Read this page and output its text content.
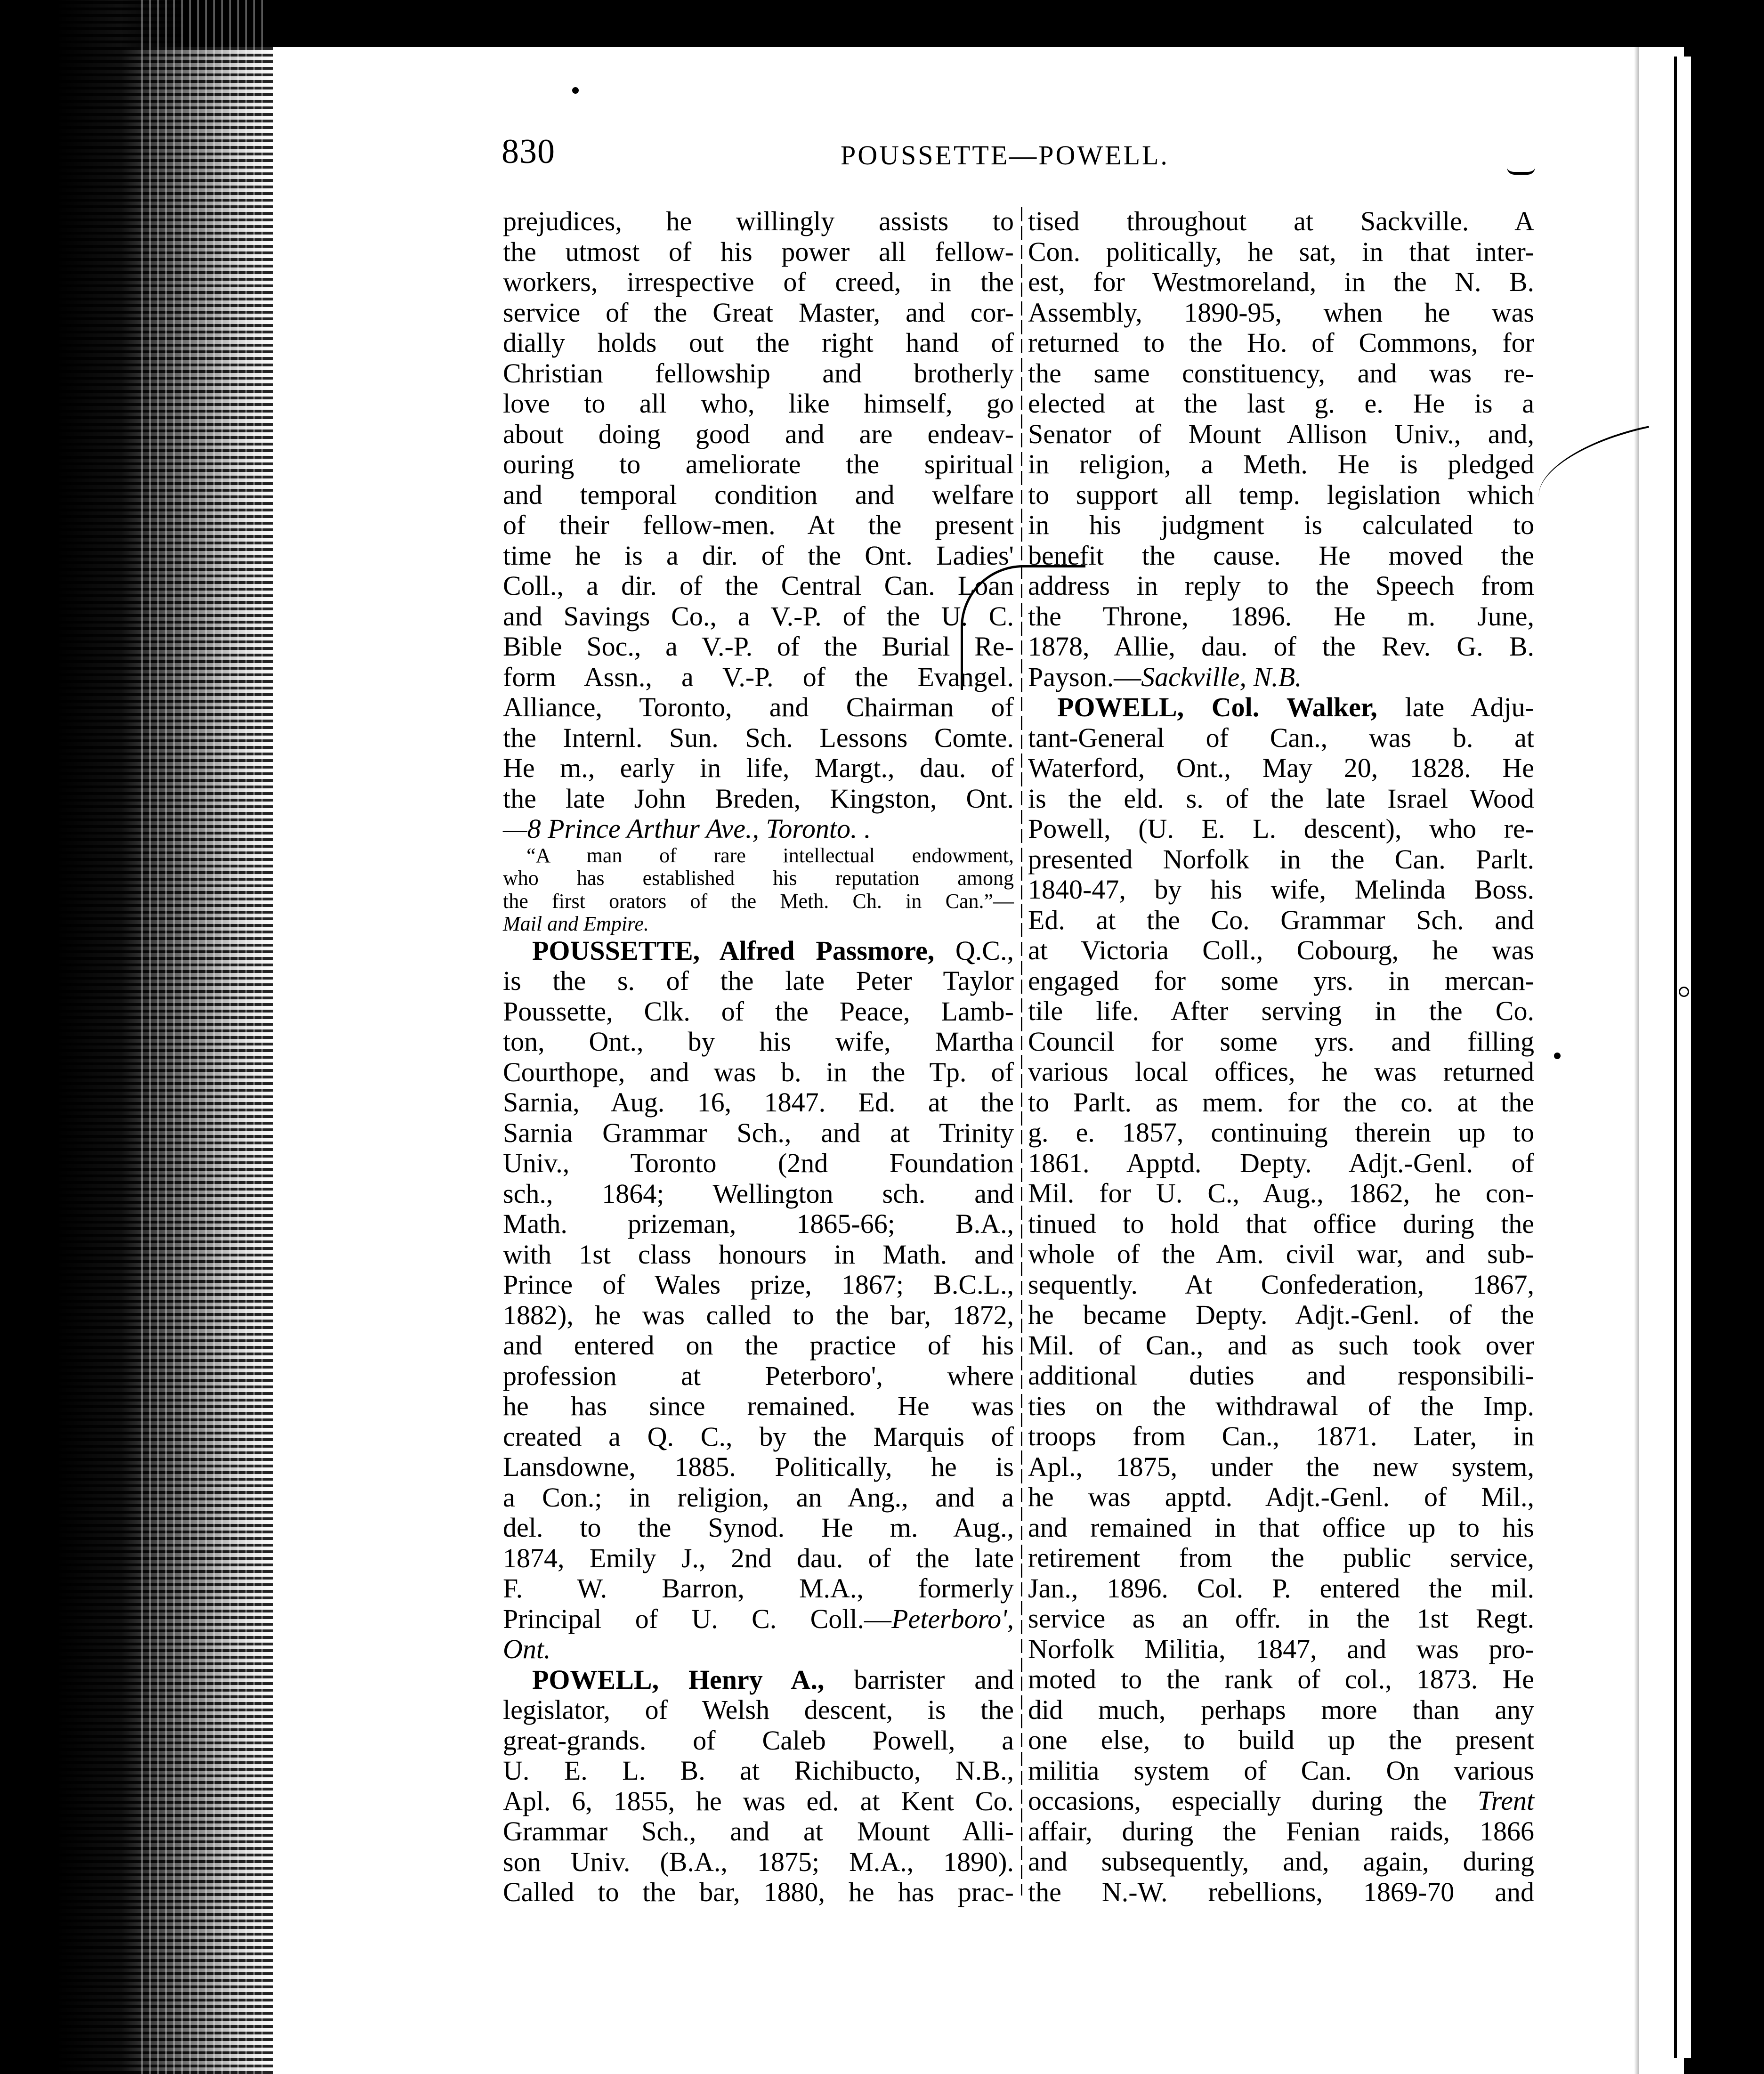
830	POUSSETTE—POWELL.
prejudices, he willingly assists to
the utmost of his power all fellow-
workers, irrespective of creed, in the
service of the Great Master, and cor-
dially holds out the right hand of
Christian fellowship and brotherly
love to all who, like himself, go
about doing good and are endeav-
ouring to ameliorate the spiritual
and temporal condition and welfare
of their fellow-men. At the present
time he is a dir. of the Ont. Ladies'
Coll., a dir. of the Central Can. Loan
and Savings Co., a V.-P. of the U. C.
Bible Soc., a V.-P. of the Burial Re-
form Assn., a V.-P. of the Evangel.
Alliance, Toronto, and Chairman of
the Internl. Sun. Sch. Lessons Comte.
He m., early in life, Margt., dau. of
the late John Breden, Kingston, Ont.
—8 Prince Arthur Ave., Toronto. .
“A man of rare intellectual endowment,
who has established his reputation among
the first orators of the Meth. Ch. in Can.”—
Mail and Empire.
POUSSETTE, Alfred Passmore, Q.C.,
is the s. of the late Peter Taylor
Poussette, Clk. of the Peace, Lamb-
ton, Ont., by his wife, Martha
Courthope, and was b. in the Tp. of
Sarnia, Aug. 16, 1847. Ed. at the
Sarnia Grammar Sch., and at Trinity
Univ., Toronto (2nd Foundation
sch., 1864; Wellington sch. and
Math. prizeman, 1865-66; B.A.,
with 1st class honours in Math. and
Prince of Wales prize, 1867; B.C.L.,
1882), he was called to the bar, 1872,
and entered on the practice of his
profession at Peterboro', where
he has since remained. He was
created a Q. C., by the Marquis of
Lansdowne, 1885. Politically, he is
a Con.; in religion, an Ang., and a
del. to the Synod. He m. Aug.,
1874, Emily J., 2nd dau. of the late
F. W. Barron, M.A., formerly
Principal of U. C. Coll.—Peterboro',
Ont.
POWELL, Henry A., barrister and
legislator, of Welsh descent, is the
great-grands. of Caleb Powell, a
U. E. L. B. at Richibucto, N.B.,
Apl. 6, 1855, he was ed. at Kent Co.
Grammar Sch., and at Mount Alli-
son Univ. (B.A., 1875; M.A., 1890).
Called to the bar, 1880, he has prac-
tised throughout at Sackville. A
Con. politically, he sat, in that inter-
est, for Westmoreland, in the N. B.
Assembly, 1890-95, when he was
returned to the Ho. of Commons, for
the same constituency, and was re-
elected at the last g. e. He is a
Senator of Mount Allison Univ., and,
in religion, a Meth. He is pledged
to support all temp. legislation which
in his judgment is calculated to
benefit the cause. He moved the
address in reply to the Speech from
the Throne, 1896. He m. June,
1878, Allie, dau. of the Rev. G. B.
Payson.—Sackville, N.B.
POWELL, Col. Walker, late Adju-
tant-General of Can., was b. at
Waterford, Ont., May 20, 1828. He
is the eld. s. of the late Israel Wood
Powell, (U. E. L. descent), who re-
presented Norfolk in the Can. Parlt.
1840-47, by his wife, Melinda Boss.
Ed. at the Co. Grammar Sch. and
at Victoria Coll., Cobourg, he was
engaged for some yrs. in mercan-
tile life. After serving in the Co.
Council for some yrs. and filling
various local offices, he was returned
to Parlt. as mem. for the co. at the
g. e. 1857, continuing therein up to
1861. Apptd. Depty. Adjt.-Genl. of
Mil. for U. C., Aug., 1862, he con-
tinued to hold that office during the
whole of the Am. civil war, and sub-
sequently. At Confederation, 1867,
he became Depty. Adjt.-Genl. of the
Mil. of Can., and as such took over
additional duties and responsibili-
ties on the withdrawal of the Imp.
troops from Can., 1871. Later, in
Apl., 1875, under the new system,
he was apptd. Adjt.-Genl. of Mil.,
and remained in that office up to his
retirement from the public service,
Jan., 1896. Col. P. entered the mil.
service as an offr. in the 1st Regt.
Norfolk Militia, 1847, and was pro-
moted to the rank of col., 1873. He
did much, perhaps more than any
one else, to build up the present
militia system of Can. On various
occasions, especially during the Trent
affair, during the Fenian raids, 1866
and subsequently, and, again, during
the N.-W. rebellions, 1869-70 and
